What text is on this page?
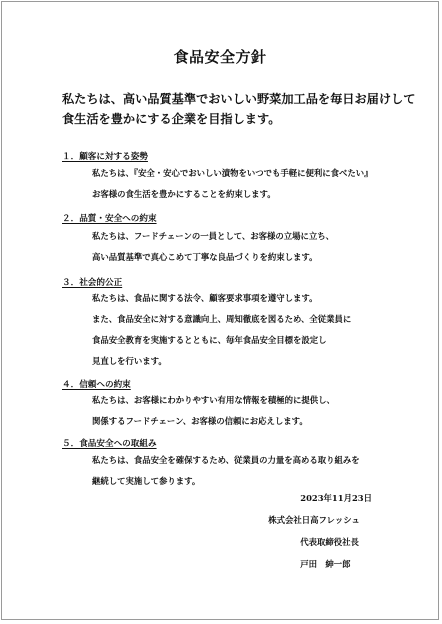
食品安全方針
私たちは、高い品質基準でおいしい野菜加工品を毎日お届けして
食生活を豊かにする企業を目指します。
１．顧客に対する姿勢
私たちは、『安全・安心でおいしい漬物をいつでも手軽に便利に食べたい』
お客様の食生活を豊かにすることを約束します。
２．品質・安全への約束
私たちは、フードチェーンの一員として、お客様の立場に立ち、
高い品質基準で真心こめて丁寧な良品づくりを約束します。
３．社会的公正
私たちは、食品に関する法令、顧客要求事項を遵守します。
また、食品安全に対する意識向上、周知徹底を図るため、全従業員に
食品安全教育を実施するとともに、毎年食品安全目標を設定し
見直しを行います。
４．信頼への約束
私たちは、お客様にわかりやすい有用な情報を積極的に提供し、
関係するフードチェーン、お客様の信頼にお応えします。
５．食品安全への取組み
私たちは、食品安全を確保するため、従業員の力量を高める取り組みを
継続して実施して参ります。
2023年11月23日
株式会社日高フレッシュ
代表取締役社長
戸田　紳一郎
